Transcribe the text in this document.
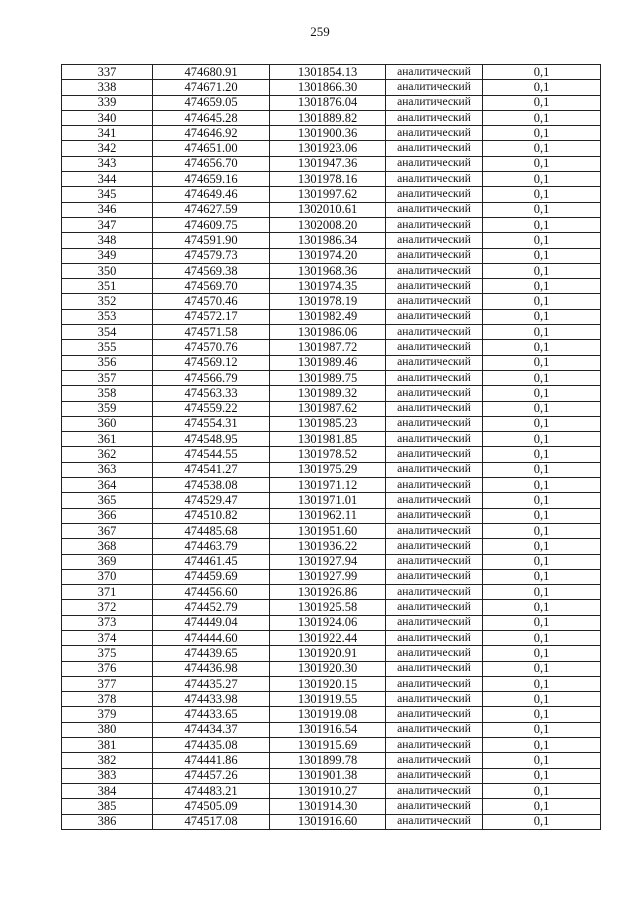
259
337	474680.91	1301854.13	аналитический	0,1
338	474671.20	1301866.30	аналитический	0,1
339	474659.05	1301876.04	аналитический	0,1
340	474645.28	1301889.82	аналитический	0,1
341	474646.92	1301900.36	аналитический	0,1
342	474651.00	1301923.06	аналитический	0,1
343	474656.70	1301947.36	аналитический	0,1
344	474659.16	1301978.16	аналитический	0,1
345	474649.46	1301997.62	аналитический	0,1
346	474627.59	1302010.61	аналитический	0,1
347	474609.75	1302008.20	аналитический	0,1
348	474591.90	1301986.34	аналитический	0,1
349	474579.73	1301974.20	аналитический	0,1
350	474569.38	1301968.36	аналитический	0,1
351	474569.70	1301974.35	аналитический	0,1
352	474570.46	1301978.19	аналитический	0,1
353	474572.17	1301982.49	аналитический	0,1
354	474571.58	1301986.06	аналитический	0,1
355	474570.76	1301987.72	аналитический	0,1
356	474569.12	1301989.46	аналитический	0,1
357	474566.79	1301989.75	аналитический	0,1
358	474563.33	1301989.32	аналитический	0,1
359	474559.22	1301987.62	аналитический	0,1
360	474554.31	1301985.23	аналитический	0,1
361	474548.95	1301981.85	аналитический	0,1
362	474544.55	1301978.52	аналитический	0,1
363	474541.27	1301975.29	аналитический	0,1
364	474538.08	1301971.12	аналитический	0,1
365	474529.47	1301971.01	аналитический	0,1
366	474510.82	1301962.11	аналитический	0,1
367	474485.68	1301951.60	аналитический	0,1
368	474463.79	1301936.22	аналитический	0,1
369	474461.45	1301927.94	аналитический	0,1
370	474459.69	1301927.99	аналитический	0,1
371	474456.60	1301926.86	аналитический	0,1
372	474452.79	1301925.58	аналитический	0,1
373	474449.04	1301924.06	аналитический	0,1
374	474444.60	1301922.44	аналитический	0,1
375	474439.65	1301920.91	аналитический	0,1
376	474436.98	1301920.30	аналитический	0,1
377	474435.27	1301920.15	аналитический	0,1
378	474433.98	1301919.55	аналитический	0,1
379	474433.65	1301919.08	аналитический	0,1
380	474434.37	1301916.54	аналитический	0,1
381	474435.08	1301915.69	аналитический	0,1
382	474441.86	1301899.78	аналитический	0,1
383	474457.26	1301901.38	аналитический	0,1
384	474483.21	1301910.27	аналитический	0,1
385	474505.09	1301914.30	аналитический	0,1
386	474517.08	1301916.60	аналитический	0,1
